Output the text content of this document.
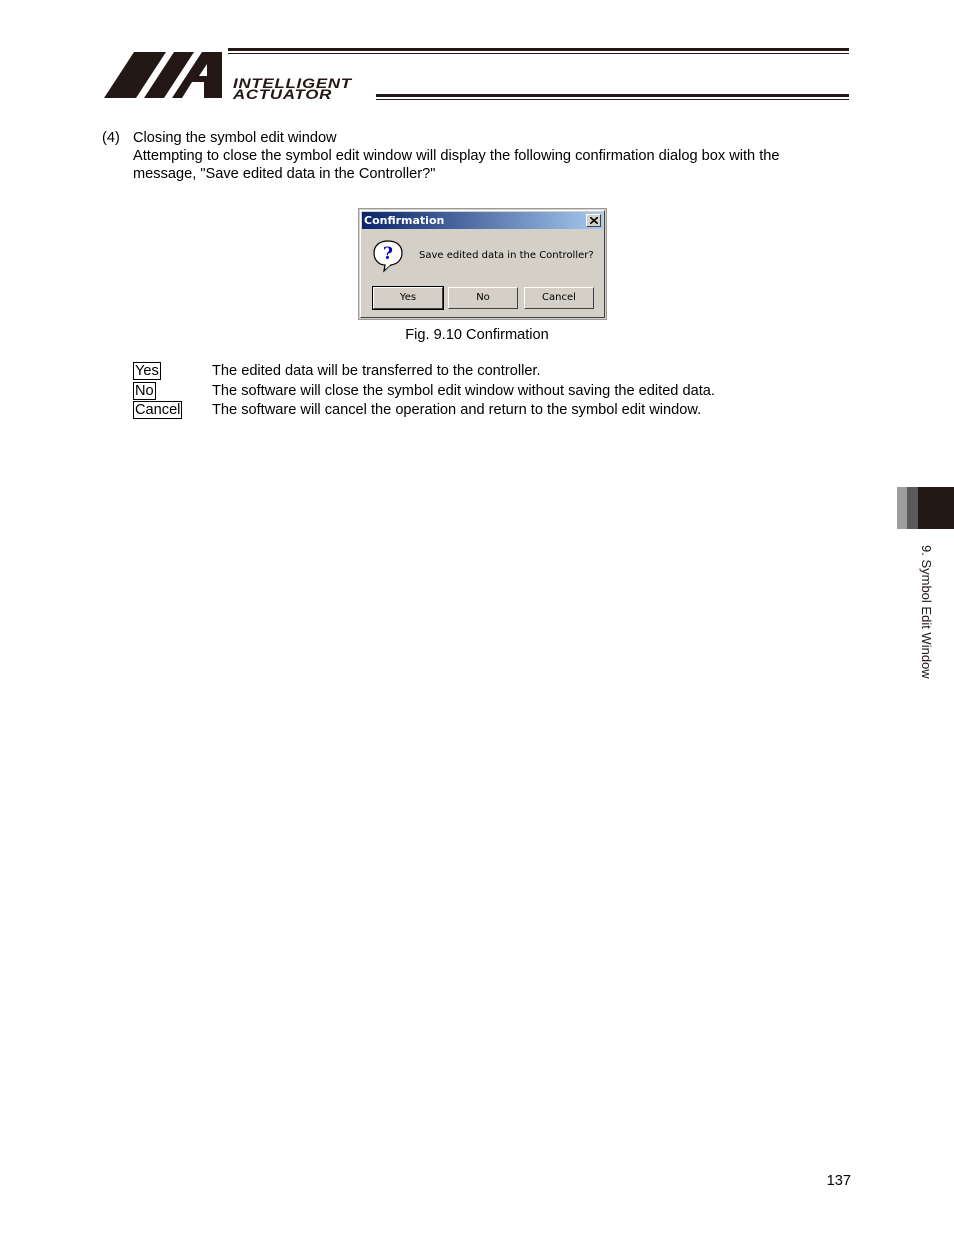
INTELLIGENT
ACTUATOR
(4) Closing the symbol edit window
Attempting to close the symbol edit window will display the following confirmation dialog box with the
message, "Save edited data in the Controller?"
Confirmation
?	Save edited data in the Controller?
Yes	No	Cancel
Fig. 9.10 Confirmation
Yes	The edited data will be transferred to the controller.
No	The software will close the symbol edit window without saving the edited data.
Cancel The software will cancel the operation and return to the symbol edit window.
9. Symbol Edit Window
137
